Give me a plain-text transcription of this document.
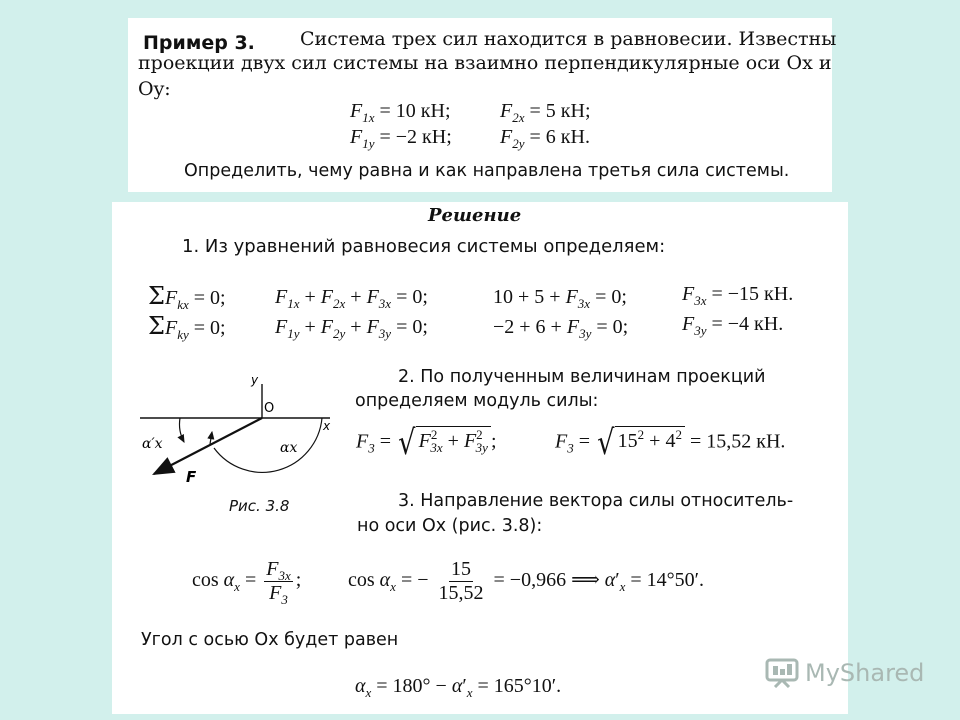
Пример 3. Система трех сил находится в равновесии. Известны
проекции двух сил системы на взаимно перпендикулярные оси Ox и
Oy:
$F_{1x} = 10$ кН; $F_{2x} = 5$ кН;
$F_{1y} = -2$ кН; $F_{2y} = 6$ кН.
Определить, чему равна и как направлена третья сила системы.
Решение
1. Из уравнений равновесия системы определяем:
$\Sigma F_{kx} = 0$; $F_{1x} + F_{2x} + F_{3x} = 0$;	$10 + 5 + F_{3x} = 0$;	$F_{3x} = -15$ кН.
$\Sigma F_{ky} = 0$; $F_{1y} + F_{2y} + F_{3y} = 0$;	$-2 + 6 + F_{3y} = 0$;	$F_{3y} = -4$ кН.
y
O
x
αx
α′x
F
Рис. 3.8
2. По полученным величинам проекций
определяем модуль силы:
$F_3$ = √ $F^2_{3x} + F^2_{3y}$ ;	$F_3$ = √ $15^2 + 4^2 = 15,52$ кН.
3. Направление вектора силы относитель-
но оси Ox (рис. 3.8):
$\cos \alpha_x = \frac{F_{3x}}{F_3}$ ; $\cos \alpha_x$ = − $\frac{15}{15,52} = -0,966$ ⟹ $\alpha'_x = 14^\circ 50'$.
Угол с осью Ox будет равен
$\alpha_x = 180^\circ - \alpha'_x = 165^\circ 10'$.	MyShared
